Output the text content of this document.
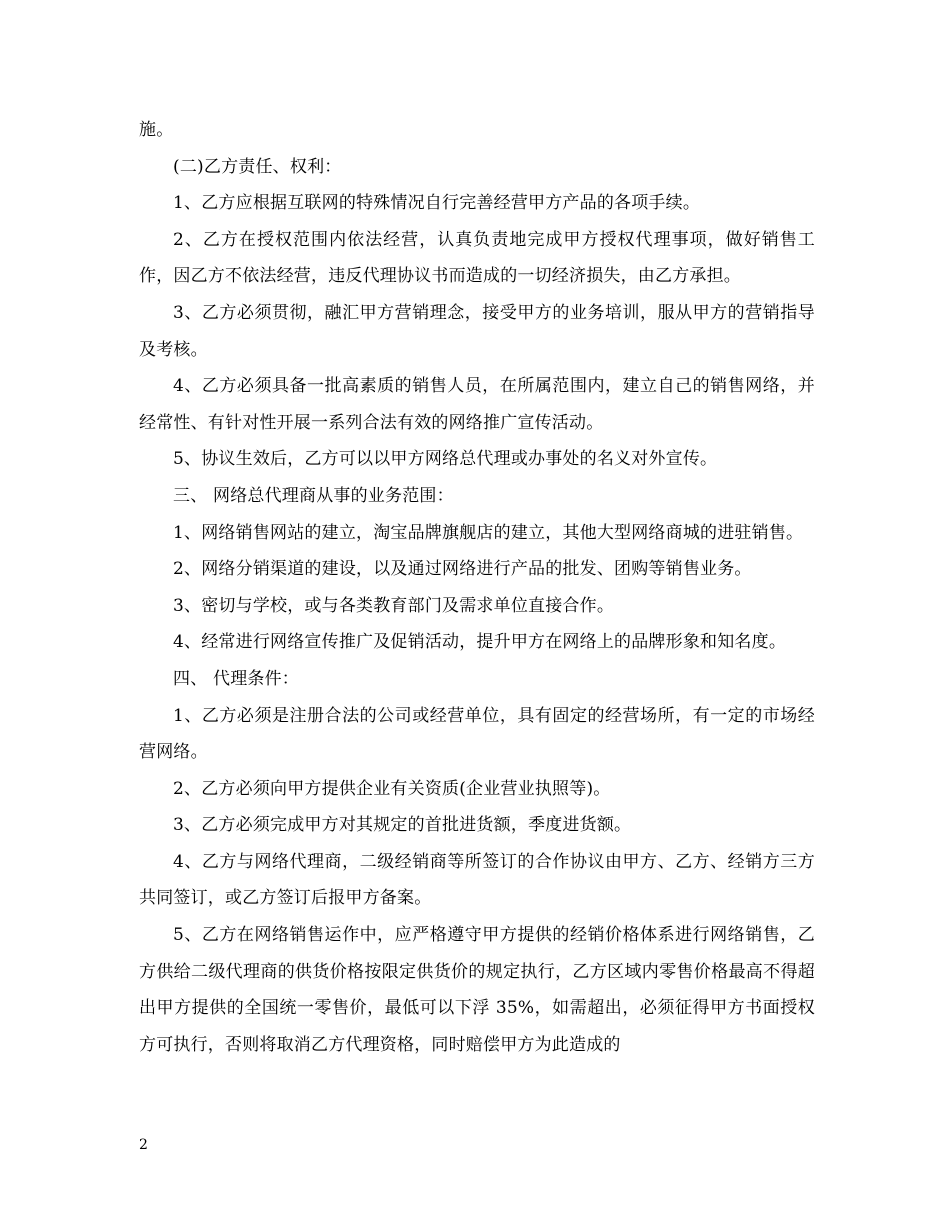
施。

(二)乙方责任、权利：

1、乙方应根据互联网的特殊情况自行完善经营甲方产品的各项手续。

2、乙方在授权范围内依法经营，认真负责地完成甲方授权代理事项，做好销售工作，因乙方不依法经营，违反代理协议书而造成的一切经济损失，由乙方承担。

3、乙方必须贯彻，融汇甲方营销理念，接受甲方的业务培训，服从甲方的营销指导及考核。

4、乙方必须具备一批高素质的销售人员，在所属范围内，建立自己的销售网络，并经常性、有针对性开展一系列合法有效的网络推广宣传活动。

5、协议生效后，乙方可以以甲方网络总代理或办事处的名义对外宣传。

三、 网络总代理商从事的业务范围：

1、网络销售网站的建立，淘宝品牌旗舰店的建立，其他大型网络商城的进驻销售。

2、网络分销渠道的建设，以及通过网络进行产品的批发、团购等销售业务。

3、密切与学校，或与各类教育部门及需求单位直接合作。

4、经常进行网络宣传推广及促销活动，提升甲方在网络上的品牌形象和知名度。

四、 代理条件：

1、乙方必须是注册合法的公司或经营单位，具有固定的经营场所，有一定的市场经营网络。

2、乙方必须向甲方提供企业有关资质(企业营业执照等)。

3、乙方必须完成甲方对其规定的首批进货额，季度进货额。

4、乙方与网络代理商，二级经销商等所签订的合作协议由甲方、乙方、经销方三方共同签订，或乙方签订后报甲方备案。

5、乙方在网络销售运作中，应严格遵守甲方提供的经销价格体系进行网络销售，乙方供给二级代理商的供货价格按限定供货价的规定执行，乙方区域内零售价格最高不得超出甲方提供的全国统一零售价，最低可以下浮 35%，如需超出，必须征得甲方书面授权方可执行，否则将取消乙方代理资格，同时赔偿甲方为此造成的

2
